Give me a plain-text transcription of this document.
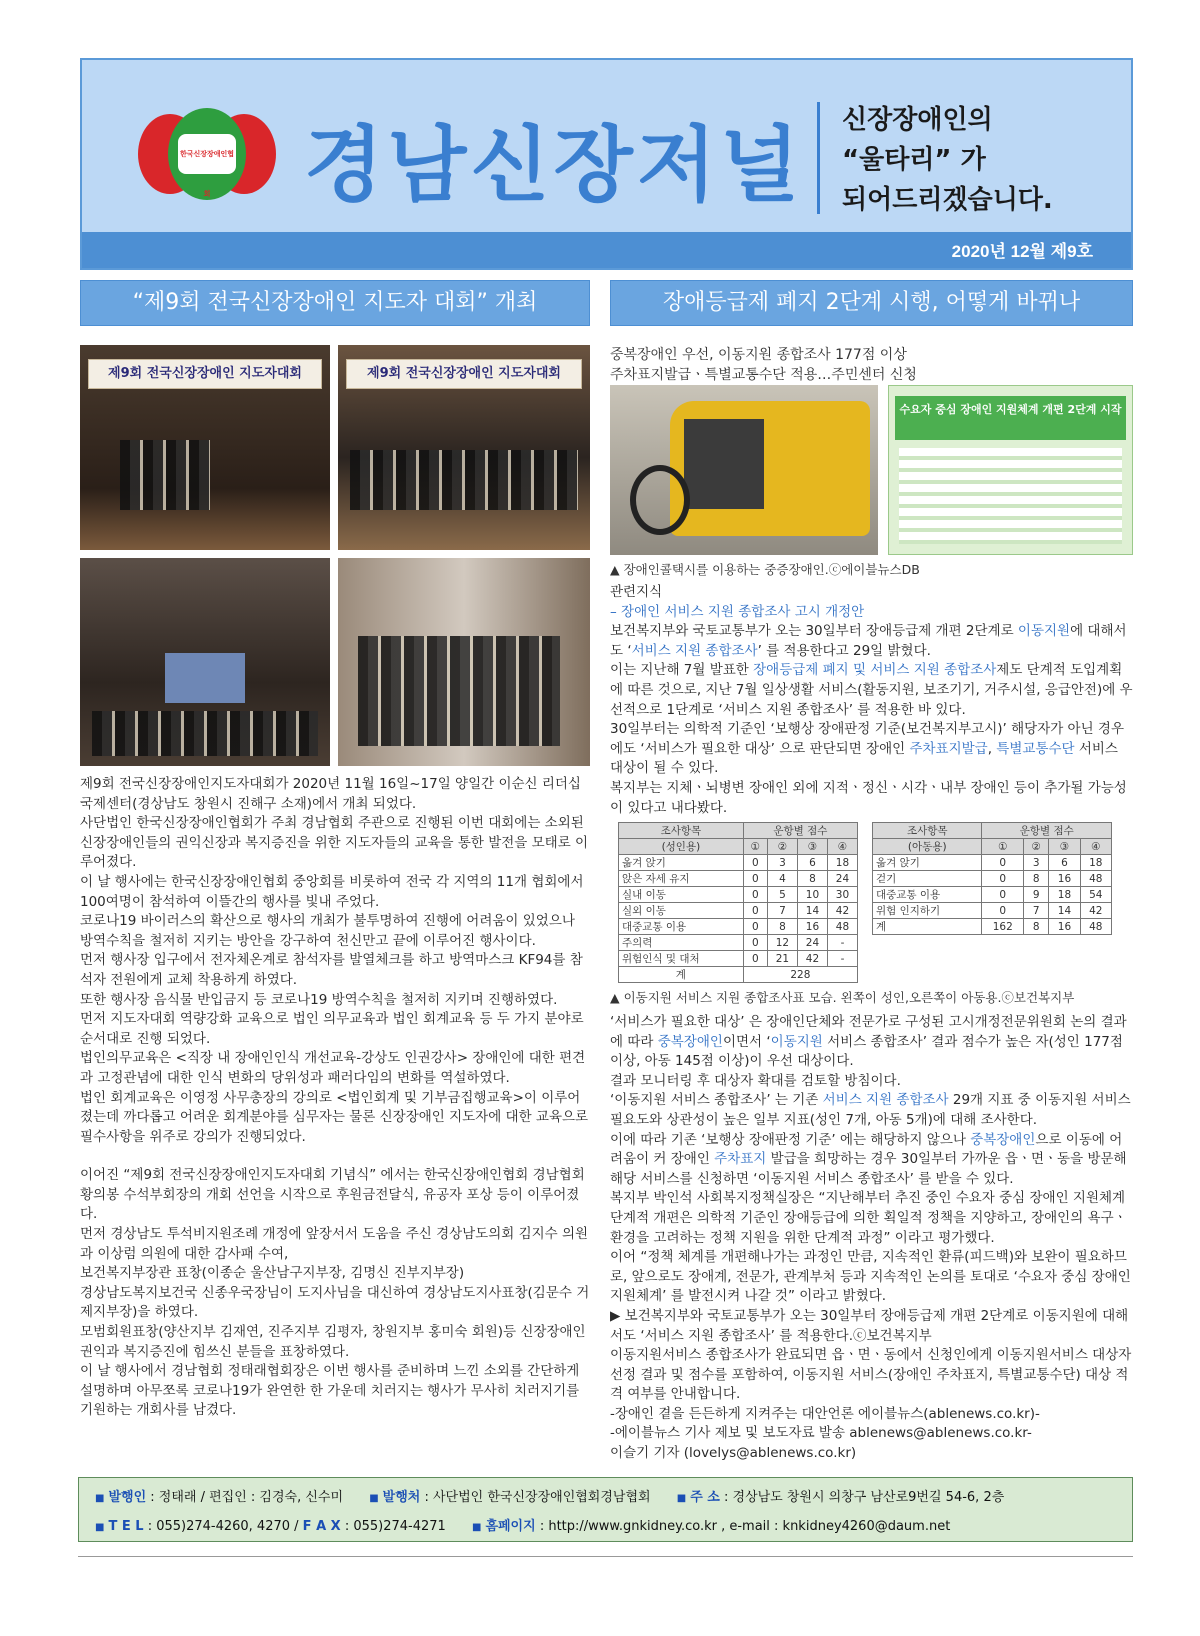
한국신장장애인협회	경남신장저널 신장장애인의
“울타리” 가
되어드리겠습니다.
2020년 12월 제9호
“제9회 전국신장장애인 지도자 대회” 개최	장애등급제 폐지 2단계 시행, 어떻게 바뀌나
제9회 전국신장장애인 지도자대회	제9회 전국신장장애인 지도자대회
중복장애인 우선, 이동지원 종합조사 177점 이상
주차표지발급ㆍ특별교통수단 적용…주민센터 신청
수요자 중심 장애인 지원체계 개편 2단계 시작
▲ 장애인콜택시를 이용하는 중증장애인.ⓒ에이블뉴스DB

제9회 전국신장장애인지도자대회가 2020년 11월 16일~17일 양일간 이순신 리더십 국제센터(경상남도 창원시 진해구 소재)에서 개최 되었다.

사단법인 한국신장장애인협회가 주최 경남협회 주관으로 진행된 이번 대회에는 소외된 신장장애인들의 권익신장과 복지증진을 위한 지도자들의 교육을 통한 발전을 모태로 이루어졌다.

이 날 행사에는 한국신장장애인협회 중앙회를 비롯하여 전국 각 지역의 11개 협회에서 100여명이 참석하여 이뜰간의 행사를 빛내 주었다.

코로나19 바이러스의 확산으로 행사의 개최가 불투명하여 진행에 어려움이 있었으나 방역수칙을 철저히 지키는 방안을 강구하여 천신만고 끝에 이루어진 행사이다.

먼저 행사장 입구에서 전자체온계로 참석자를 발열체크를 하고 방역마스크 KF94를 참석자 전원에게 교체 착용하게 하였다.

또한 행사장 음식물 반입금지 등 코로나19 방역수칙을 철저히 지키며 진행하였다.

먼저 지도자대회 역량강화 교육으로 법인 의무교육과 법인 회계교육 등 두 가지 분야로 순서대로 진행 되었다.

법인의무교육은 <직장 내 장애인인식 개선교육-강상도 인권강사> 장애인에 대한 편견과 고정관념에 대한 인식 변화의 당위성과 패러다임의 변화를 역설하였다.

법인 회계교육은 이영정 사무총장의 강의로 <법인회계 및 기부금집행교육>이 이루어졌는데 까다롭고 어려운 회계분야를 심무자는 물론 신장장애인 지도자에 대한 교육으로 필수사항을 위주로 강의가 진행되었다.

이어진 “제9회 전국신장장애인지도자대회 기념식” 에서는 한국신장애인협회 경남협회 황의봉 수석부회장의 개회 선언을 시작으로 후원금전달식, 유공자 포상 등이 이루어졌다.

먼저 경상남도 투석비지원조례 개정에 앞장서서 도움을 주신 경상남도의회 김지수 의원과 이상럼 의원에 대한 감사패 수여,

보건복지부장관 표창(이종순 울산남구지부장, 김명신 진부지부장)

경상남도복지보건국 신종우국장님이 도지사님을 대신하여 경상남도지사표창(김문수 거제지부장)을 하였다.

모범회원표창(양산지부 김재연, 진주지부 김평자, 창원지부 홍미숙 회원)등 신장장애인 권익과 복지증진에 힘쓰신 분들을 표창하였다.

이 날 행사에서 경남협회 정태래협회장은 이번 행사를 준비하며 느낀 소외를 간단하게 설명하며 아무쪼록 코로나19가 완연한 한 가운데 치러지는 행사가 무사히 치러지기를 기원하는 개회사를 남겼다.

관련지식

– 장애인 서비스 지원 종합조사 고시 개정안

보건복지부와 국토교통부가 오는 30일부터 장애등급제 개편 2단계로 이동지원에 대해서도 ‘서비스 지원 종합조사’ 를 적용한다고 29일 밝혔다.

이는 지난해 7월 발표한 장애등급제 폐지 및 서비스 지원 종합조사제도 단계적 도입계획에 따른 것으로, 지난 7월 일상생활 서비스(활동지원, 보조기기, 거주시설, 응급안전)에 우선적으로 1단계로 ‘서비스 지원 종합조사’ 를 적용한 바 있다.

30일부터는 의학적 기준인 ‘보행상 장애판정 기준(보건복지부고시)’ 해당자가 아닌 경우에도 ‘서비스가 필요한 대상’ 으로 판단되면 장애인 주차표지발급, 특별교통수단 서비스 대상이 될 수 있다.

복지부는 지체ㆍ뇌병변 장애인 외에 지적ㆍ정신ㆍ시각ㆍ내부 장애인 등이 추가될 가능성이 있다고 내다봤다.

조사항목	운항별 점수			
(성인용)	①	②	③	④
옮겨 앉기	0	3	6	18
앉은 자세 유지	0	4	8	24
실내 이동	0	5	10	30
실외 이동	0	7	14	42
대중교통 이용	0	8	16	48
주의력	0	12	24	-
위험인식 및 대처	0	21	42	-
계	228			
조사항목	운항별 점수			
(아동용)	①	②	③	④
옮겨 앉기	0	3	6	18
걷기	0	8	16	48
대중교통 이용	0	9	18	54
위험 인지하기	0	7	14	42
계	162	8	16	48
▲ 이동지원 서비스 지원 종합조사표 모습. 왼쪽이 성인,오른쪽이 아동용.ⓒ보건복지부

‘서비스가 필요한 대상’ 은 장애인단체와 전문가로 구성된 고시개정전문위원회 논의 결과에 따라 중복장애인이면서 ‘이동지원 서비스 종합조사’ 결과 점수가 높은 자(성인 177점 이상, 아동 145점 이상)이 우선 대상이다.

결과 모니터링 후 대상자 확대를 검토할 방침이다.

‘이동지원 서비스 종합조사’ 는 기존 서비스 지원 종합조사 29개 지표 중 이동지원 서비스 필요도와 상관성이 높은 일부 지표(성인 7개, 아동 5개)에 대해 조사한다.

이에 따라 기존 ‘보행상 장애판정 기준’ 에는 해당하지 않으나 중복장애인으로 이동에 어려움이 커 장애인 주차표지 발급을 희망하는 경우 30일부터 가까운 읍ㆍ면ㆍ동을 방문해 해당 서비스를 신청하면 ‘이동지원 서비스 종합조사’ 를 받을 수 있다.

복지부 박인석 사회복지정책실장은 “지난해부터 추진 중인 수요자 중심 장애인 지원체계 단계적 개편은 의학적 기준인 장애등급에 의한 획일적 정책을 지양하고, 장애인의 욕구ㆍ환경을 고려하는 정책 지원을 위한 단계적 과정” 이라고 평가했다.

이어 “정책 체계를 개편해나가는 과정인 만큼, 지속적인 환류(피드백)와 보완이 필요하므로, 앞으로도 장애계, 전문가, 관계부처 등과 지속적인 논의를 토대로 ‘수요자 중심 장애인 지원체계’ 를 발전시켜 나갈 것” 이라고 밝혔다.

▶ 보건복지부와 국토교통부가 오는 30일부터 장애등급제 개편 2단계로 이동지원에 대해서도 ‘서비스 지원 종합조사’ 를 적용한다.ⓒ보건복지부

이동지원서비스 종합조사가 완료되면 읍ㆍ면ㆍ동에서 신청인에게 이동지원서비스 대상자 선정 결과 및 점수를 포함하여, 이동지원 서비스(장애인 주차표지, 특별교통수단) 대상 적격 여부를 안내합니다.

-장애인 곁을 든든하게 지켜주는 대안언론 에이블뉴스(ablenews.co.kr)-

-에이블뉴스 기사 제보 및 보도자료 발송 ablenews@ablenews.co.kr-

이슬기 기자 (lovelys@ablenews.co.kr)

■ 발행인 : 정태래 / 편집인 : 김경숙, 신수미	■ 발행처 : 사단법인 한국신장장애인협회경남협회	■ 주 소 : 경상남도 창원시 의창구 남산로9번길 54-6, 2층
■ T E L : 055)274-4260, 4270 / F A X : 055)274-4271	■ 홈페이지 : http://www.gnkidney.co.kr , e-mail : knkidney4260@daum.net
